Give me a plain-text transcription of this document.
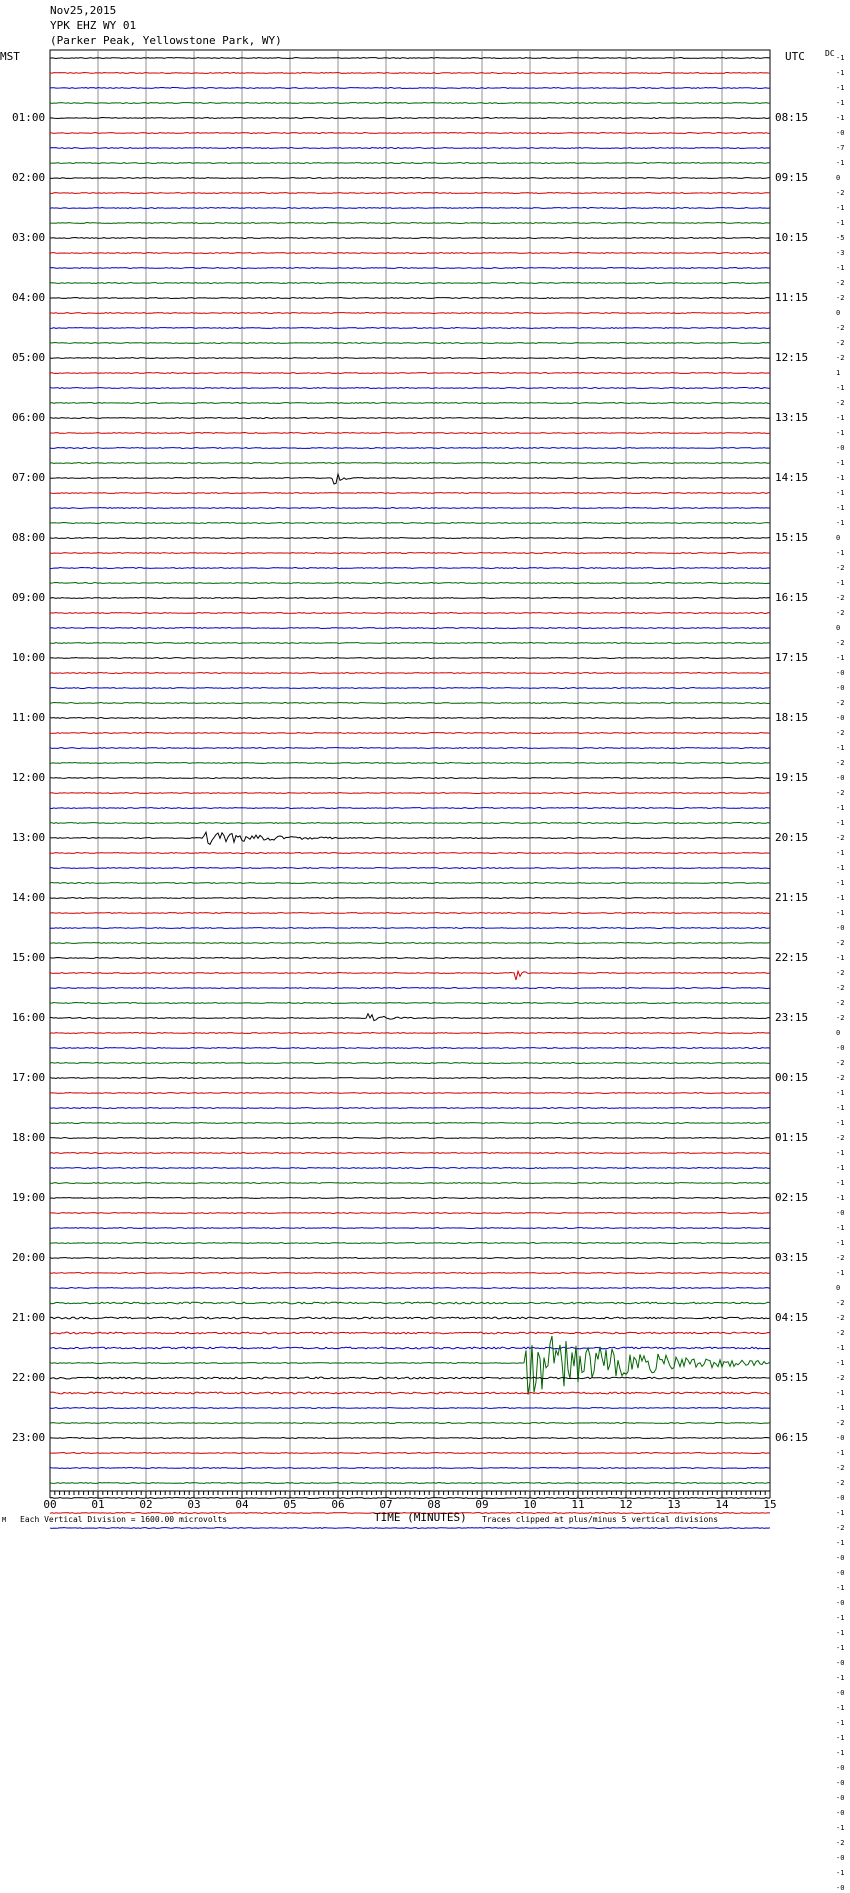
Nov25,2015
YPK EHZ WY 01
(Parker Peak, Yellowstone Park, WY)
MST	UTC	DC
00	01	02	03	04	05	06	07	08	09	10	11	12	13	14	15
01:00
02:00
03:00
04:00
05:00
06:00
07:00
08:00
09:00
10:00
11:00
12:00
13:00
14:00
15:00
16:00
17:00
18:00
19:00
20:00
21:00
22:00
23:00
08:15
09:15
10:15
11:15
12:15
13:15
14:15
15:15
16:15
17:15
18:15
19:15
20:15
21:15
22:15
23:15
00:15
01:15
02:15
03:15
04:15
05:15
06:15
-1
-1
-1
-1
-1
-0
-7
-1
0
-2
-1
-1
-5
-3
-1
-2
-2
0
-2
-2
-2
1
-1
-2
-1
-1
-0
-1
-1
-1
-1
-1
0
-1
-2
-1
-2
-2
0
-2
-1
-0
-0
-2
-0
-2
-1
-2
-0
-2
-1
-1
-2
-1
-1
-1
-1
-1
-0
-2
-1
-2
-2
-2
-2
0
-0
-2
-2
-1
-1
-1
-2
-1
-1
-1
-1
-0
-1
-1
-2
-1
0
-2
-2
-2
-1
-1
-2
-1
-1
-2
-0
-1
-2
-2
-0
-1
-2
-1
-0
-0
-1
-0
-1
-1
-1
-0
-1
-0
-1
-1
-1
-1
-0
-0
-0
-0
-1
-2
-0
-1
-0
M Each Vertical Division = 1600.00 microvolts	TIME (MINUTES) Traces clipped at plus/minus 5 vertical divisions
